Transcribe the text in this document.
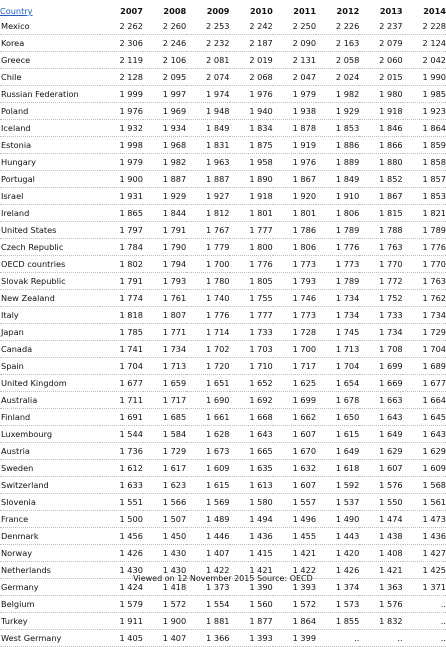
Country	2007	2008	2009	2010	2011	2012	2013	2014
Mexico	2 262	2 260	2 253	2 242	2 250	2 226	2 237	2 228
Korea	2 306	2 246	2 232	2 187	2 090	2 163	2 079	2 124
Greece	2 119	2 106	2 081	2 019	2 131	2 058	2 060	2 042
Chile	2 128	2 095	2 074	2 068	2 047	2 024	2 015	1 990
Russian Federation	1 999	1 997	1 974	1 976	1 979	1 982	1 980	1 985
Poland	1 976	1 969	1 948	1 940	1 938	1 929	1 918	1 923
Iceland	1 932	1 934	1 849	1 834	1 878	1 853	1 846	1 864
Estonia	1 998	1 968	1 831	1 875	1 919	1 886	1 866	1 859
Hungary	1 979	1 982	1 963	1 958	1 976	1 889	1 880	1 858
Portugal	1 900	1 887	1 887	1 890	1 867	1 849	1 852	1 857
Israel	1 931	1 929	1 927	1 918	1 920	1 910	1 867	1 853
Ireland	1 865	1 844	1 812	1 801	1 801	1 806	1 815	1 821
United States	1 797	1 791	1 767	1 777	1 786	1 789	1 788	1 789
Czech Republic	1 784	1 790	1 779	1 800	1 806	1 776	1 763	1 776
OECD countries	1 802	1 794	1 700	1 776	1 773	1 773	1 770	1 770
Slovak Republic	1 791	1 793	1 780	1 805	1 793	1 789	1 772	1 763
New Zealand	1 774	1 761	1 740	1 755	1 746	1 734	1 752	1 762
Italy	1 818	1 807	1 776	1 777	1 773	1 734	1 733	1 734
Japan	1 785	1 771	1 714	1 733	1 728	1 745	1 734	1 729
Canada	1 741	1 734	1 702	1 703	1 700	1 713	1 708	1 704
Spain	1 704	1 713	1 720	1 710	1 717	1 704	1 699	1 689
United Kingdom	1 677	1 659	1 651	1 652	1 625	1 654	1 669	1 677
Australia	1 711	1 717	1 690	1 692	1 699	1 678	1 663	1 664
Finland	1 691	1 685	1 661	1 668	1 662	1 650	1 643	1 645
Luxembourg	1 544	1 584	1 628	1 643	1 607	1 615	1 649	1 643
Austria	1 736	1 729	1 673	1 665	1 670	1 649	1 629	1 629
Sweden	1 612	1 617	1 609	1 635	1 632	1 618	1 607	1 609
Switzerland	1 633	1 623	1 615	1 613	1 607	1 592	1 576	1 568
Slovenia	1 551	1 566	1 569	1 580	1 557	1 537	1 550	1 561
France	1 500	1 507	1 489	1 494	1 496	1 490	1 474	1 473
Denmark	1 456	1 450	1 446	1 436	1 455	1 443	1 438	1 436
Norway	1 426	1 430	1 407	1 415	1 421	1 420	1 408	1 427
Netherlands	1 430	1 430	1 422	1 421	1 422	1 426	1 421	1 425
Germany	1 424	1 418	1 373	1 390	1 393	1 374	1 363	1 371
Belgium	1 579	1 572	1 554	1 560	1 572	1 573	1 576	..
Turkey	1 911	1 900	1 881	1 877	1 864	1 855	1 832	..
West Germany	1 405	1 407	1 366	1 393	1 399	..	..	..
Viewed on 12 November 2015 Source: OECD
